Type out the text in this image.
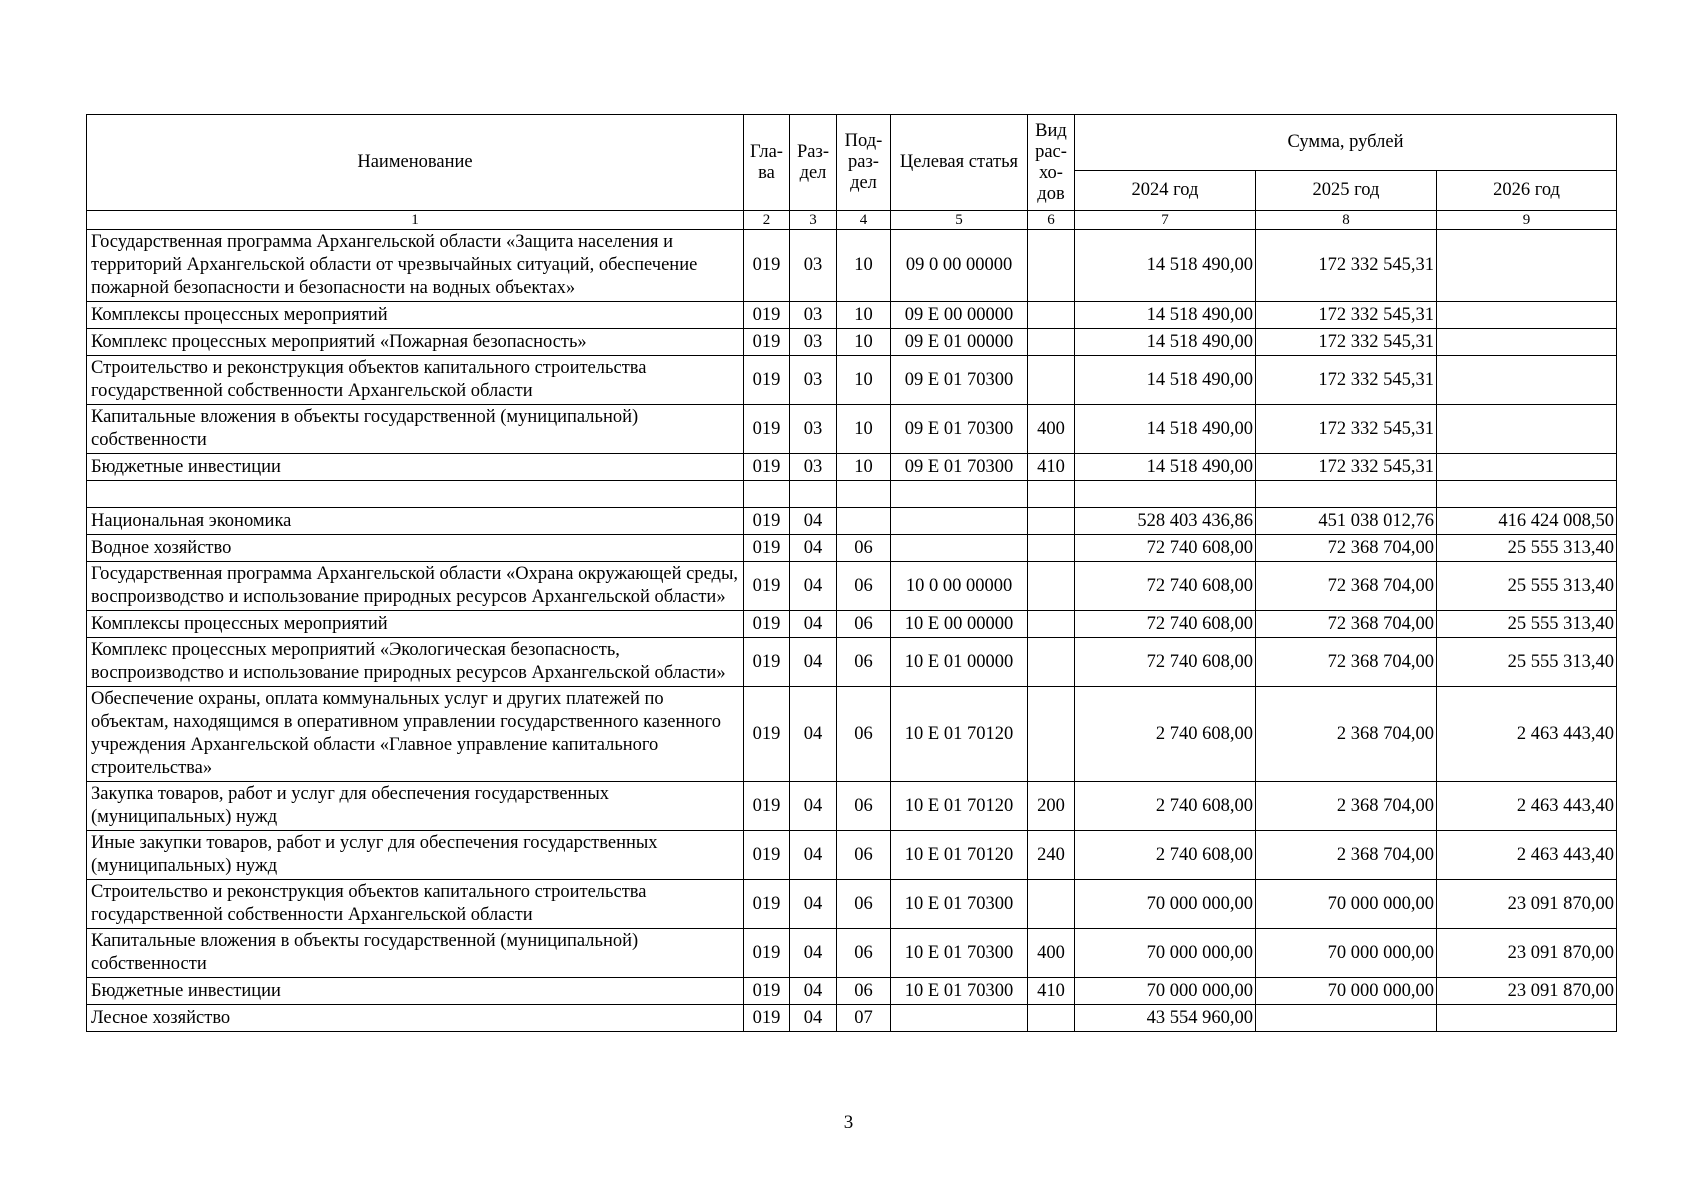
Наименование	Гла- ва	Раз- дел	Под- раз- дел	Целевая статья	Вид рас- хо- дов	Сумма, рублей		
						2024 год	2025 год	2026 год
1	2	3	4	5	6	7	8	9
Государственная программа Архангельской области «Защита населения и территорий Архангельской области от чрезвычайных ситуаций, обеспечение пожарной безопасности и безопасности на водных объектах»	019	03	10	09 0 00 00000		14 518 490,00	172 332 545,31	
Комплексы процессных мероприятий	019	03	10	09 Е 00 00000		14 518 490,00	172 332 545,31	
Комплекс процессных мероприятий «Пожарная безопасность»	019	03	10	09 Е 01 00000		14 518 490,00	172 332 545,31	
Строительство и реконструкция объектов капитального строительства государственной собственности Архангельской области	019	03	10	09 Е 01 70300		14 518 490,00	172 332 545,31	
Капитальные вложения в объекты государственной (муниципальной) собственности	019	03	10	09 Е 01 70300	400	14 518 490,00	172 332 545,31	
Бюджетные инвестиции	019	03	10	09 Е 01 70300	410	14 518 490,00	172 332 545,31	

Национальная экономика	019	04				528 403 436,86	451 038 012,76	416 424 008,50
Водное хозяйство	019	04	06			72 740 608,00	72 368 704,00	25 555 313,40
Государственная программа Архангельской области «Охрана окружающей среды, воспроизводство и использование природных ресурсов Архангельской области»	019	04	06	10 0 00 00000		72 740 608,00	72 368 704,00	25 555 313,40
Комплексы процессных мероприятий	019	04	06	10 Е 00 00000		72 740 608,00	72 368 704,00	25 555 313,40
Комплекс процессных мероприятий «Экологическая безопасность, воспроизводство и использование природных ресурсов Архангельской области»	019	04	06	10 Е 01 00000		72 740 608,00	72 368 704,00	25 555 313,40
Обеспечение охраны, оплата коммунальных услуг и других платежей по объектам, находящимся в оперативном управлении государственного казенного учреждения Архангельской области «Главное управление капитального строительства»	019	04	06	10 Е 01 70120		2 740 608,00	2 368 704,00	2 463 443,40
Закупка товаров, работ и услуг для обеспечения государственных (муниципальных) нужд	019	04	06	10 Е 01 70120	200	2 740 608,00	2 368 704,00	2 463 443,40
Иные закупки товаров, работ и услуг для обеспечения государственных (муниципальных) нужд	019	04	06	10 Е 01 70120	240	2 740 608,00	2 368 704,00	2 463 443,40
Строительство и реконструкция объектов капитального строительства государственной собственности Архангельской области	019	04	06	10 Е 01 70300		70 000 000,00	70 000 000,00	23 091 870,00
Капитальные вложения в объекты государственной (муниципальной) собственности	019	04	06	10 Е 01 70300	400	70 000 000,00	70 000 000,00	23 091 870,00
Бюджетные инвестиции	019	04	06	10 Е 01 70300	410	70 000 000,00	70 000 000,00	23 091 870,00
Лесное хозяйство	019	04	07			43 554 960,00		
3
